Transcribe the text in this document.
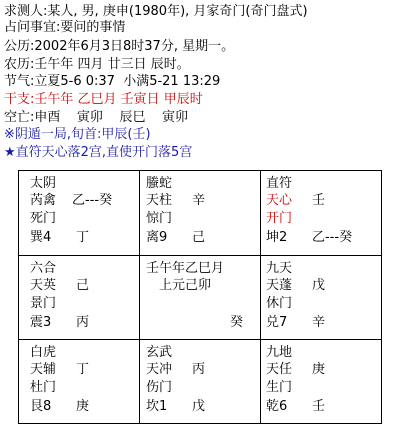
求测人:某人, 男, 庚申(1980年), 月家奇门(奇门盘式)
占问事宜:要问的事情
公历:2002年6月3日8时37分, 星期一。
农历:壬午年 四月 廿三日 辰时。
节气:立夏5-6 0:37  小满5-21 13:29
干支:壬午年 乙巳月 壬寅日 甲辰时
空亡:申酉    寅卯    辰巳    寅卯
※阴遁一局,旬首:甲辰(壬)
★直符天心落2宫,直使开门落5宫
太阴
芮禽 乙---癸
死门
巽4 丁
螣蛇
天柱 辛
惊门
离9 己
直符
天心 壬
开门
坤2 乙---癸
六合
天英 己
景门
震3 丙
壬午年乙巳月
上元己卯
癸
九天
天蓬 戊
休门
兑7 辛
白虎
天辅 丁
杜门
艮8 庚
玄武
天冲 丙
伤门
坎1 戊
九地
天任 庚
生门
乾6 壬
